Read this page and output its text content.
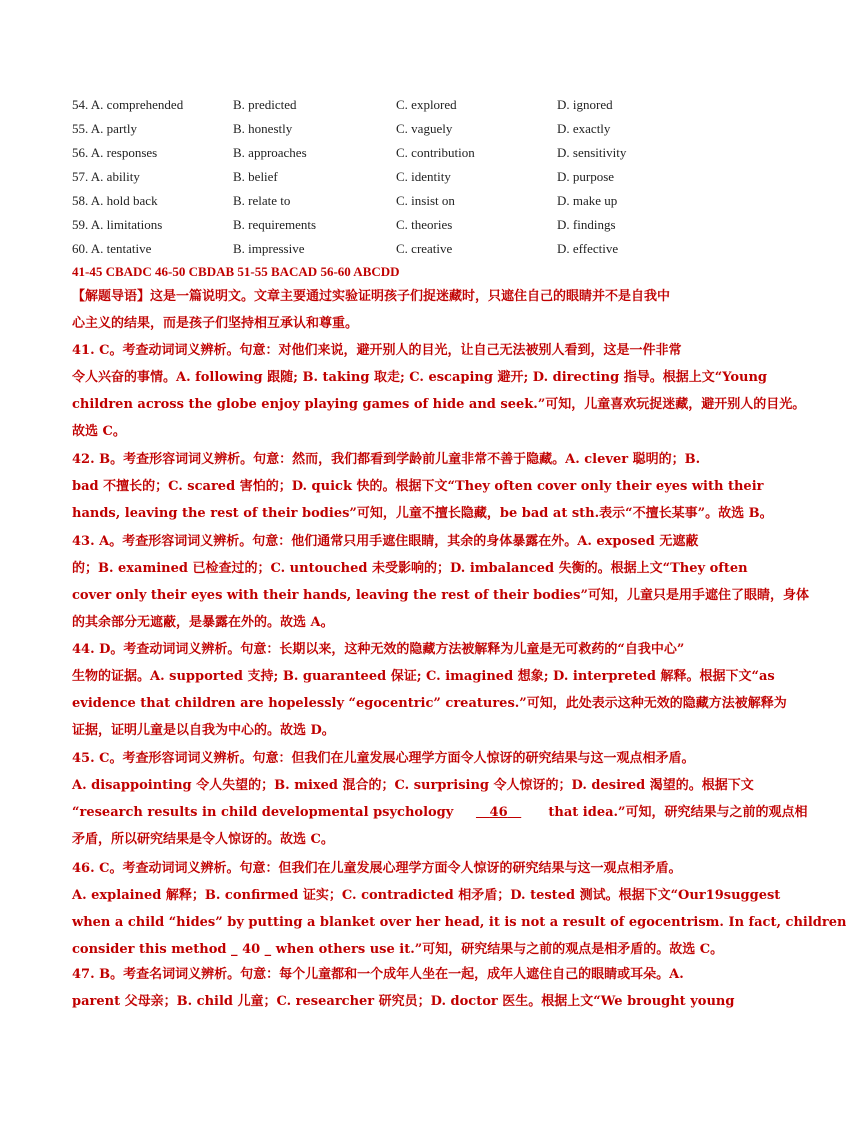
54. A. comprehended	B. predicted	C. explored	D. ignored
55. A. partly	B. honestly	C. vaguely	D. exactly
56. A. responses	B. approaches	C. contribution	D. sensitivity
57. A. ability	B. belief	C. identity	D. purpose
58. A. hold back	B. relate to	C. insist on	D. make up
59. A. limitations	B. requirements	C. theories	D. findings
60. A. tentative	B. impressive	C. creative	D. effective
41-45 CBADC 46-50 CBDAB 51-55 BACAD 56-60 ABCDD
【解题导语】这是一篇说明文。文章主要通过实验证明孩子们捉迷藏时，只遮住自己的眼睛并不是自我中
心主义的结果，而是孩子们坚持相互承认和尊重。
41. C。考查动词词义辨析。句意：对他们来说，避开别人的目光，让自己无法被别人看到，这是一件非常
令人兴奋的事情。A. following 跟随; B. taking 取走; C. escaping 避开; D. directing 指导。根据上文“Young
children across the globe enjoy playing games of hide and seek.”可知，儿童喜欢玩捉迷藏，避开别人的目光。
故选 C。
42. B。考查形容词词义辨析。句意：然而，我们都看到学龄前儿童非常不善于隐藏。A. clever 聪明的；B.
bad 不擅长的；C. scared 害怕的；D. quick 快的。根据下文“They often cover only their eyes with their
hands, leaving the rest of their bodies”可知，儿童不擅长隐藏，be bad at sth.表示“不擅长某事”。故选 B。
43. A。考查形容词词义辨析。句意：他们通常只用手遮住眼睛，其余的身体暴露在外。A. exposed 无遮蔽
的；B. examined 已检查过的；C. untouched 未受影响的；D. imbalanced 失衡的。根据上文“They often
cover only their eyes with their hands, leaving the rest of their bodies”可知，儿童只是用手遮住了眼睛，身体
的其余部分无遮蔽，是暴露在外的。故选 A。
44. D。考查动词词义辨析。句意：长期以来，这种无效的隐藏方法被解释为儿童是无可救药的“自我中心”
生物的证据。A. supported 支持; B. guaranteed 保证; C. imagined 想象; D. interpreted 解释。根据下文“as
evidence that children are hopelessly “egocentric” creatures.”可知，此处表示这种无效的隐藏方法被解释为
证据，证明儿童是以自我为中心的。故选 D。
45. C。考查形容词词义辨析。句意：但我们在儿童发展心理学方面令人惊讶的研究结果与这一观点相矛盾。
A. disappointing 令人失望的；B. mixed 混合的；C. surprising 令人惊讶的；D. desired 渴望的。根据下文
“research results in child developmental psychology	46	that idea.”可知，研究结果与之前的观点相
矛盾，所以研究结果是令人惊讶的。故选 C。
46. C。考查动词词义辨析。句意：但我们在儿童发展心理学方面令人惊讶的研究结果与这一观点相矛盾。
A. explained 解释；B. confirmed 证实；C. contradicted 相矛盾；D. tested 测试。根据下文“Our19suggest
when a child “hides” by putting a blanket over her head, it is not a result of egocentrism. In fact, children
consider this method _ 40 _ when others use it.”可知，研究结果与之前的观点是相矛盾的。故选 C。
47. B。考查名词词义辨析。句意：每个儿童都和一个成年人坐在一起，成年人遮住自己的眼睛或耳朵。A.
parent 父母亲；B. child 儿童；C. researcher 研究员；D. doctor 医生。根据上文“We brought young
